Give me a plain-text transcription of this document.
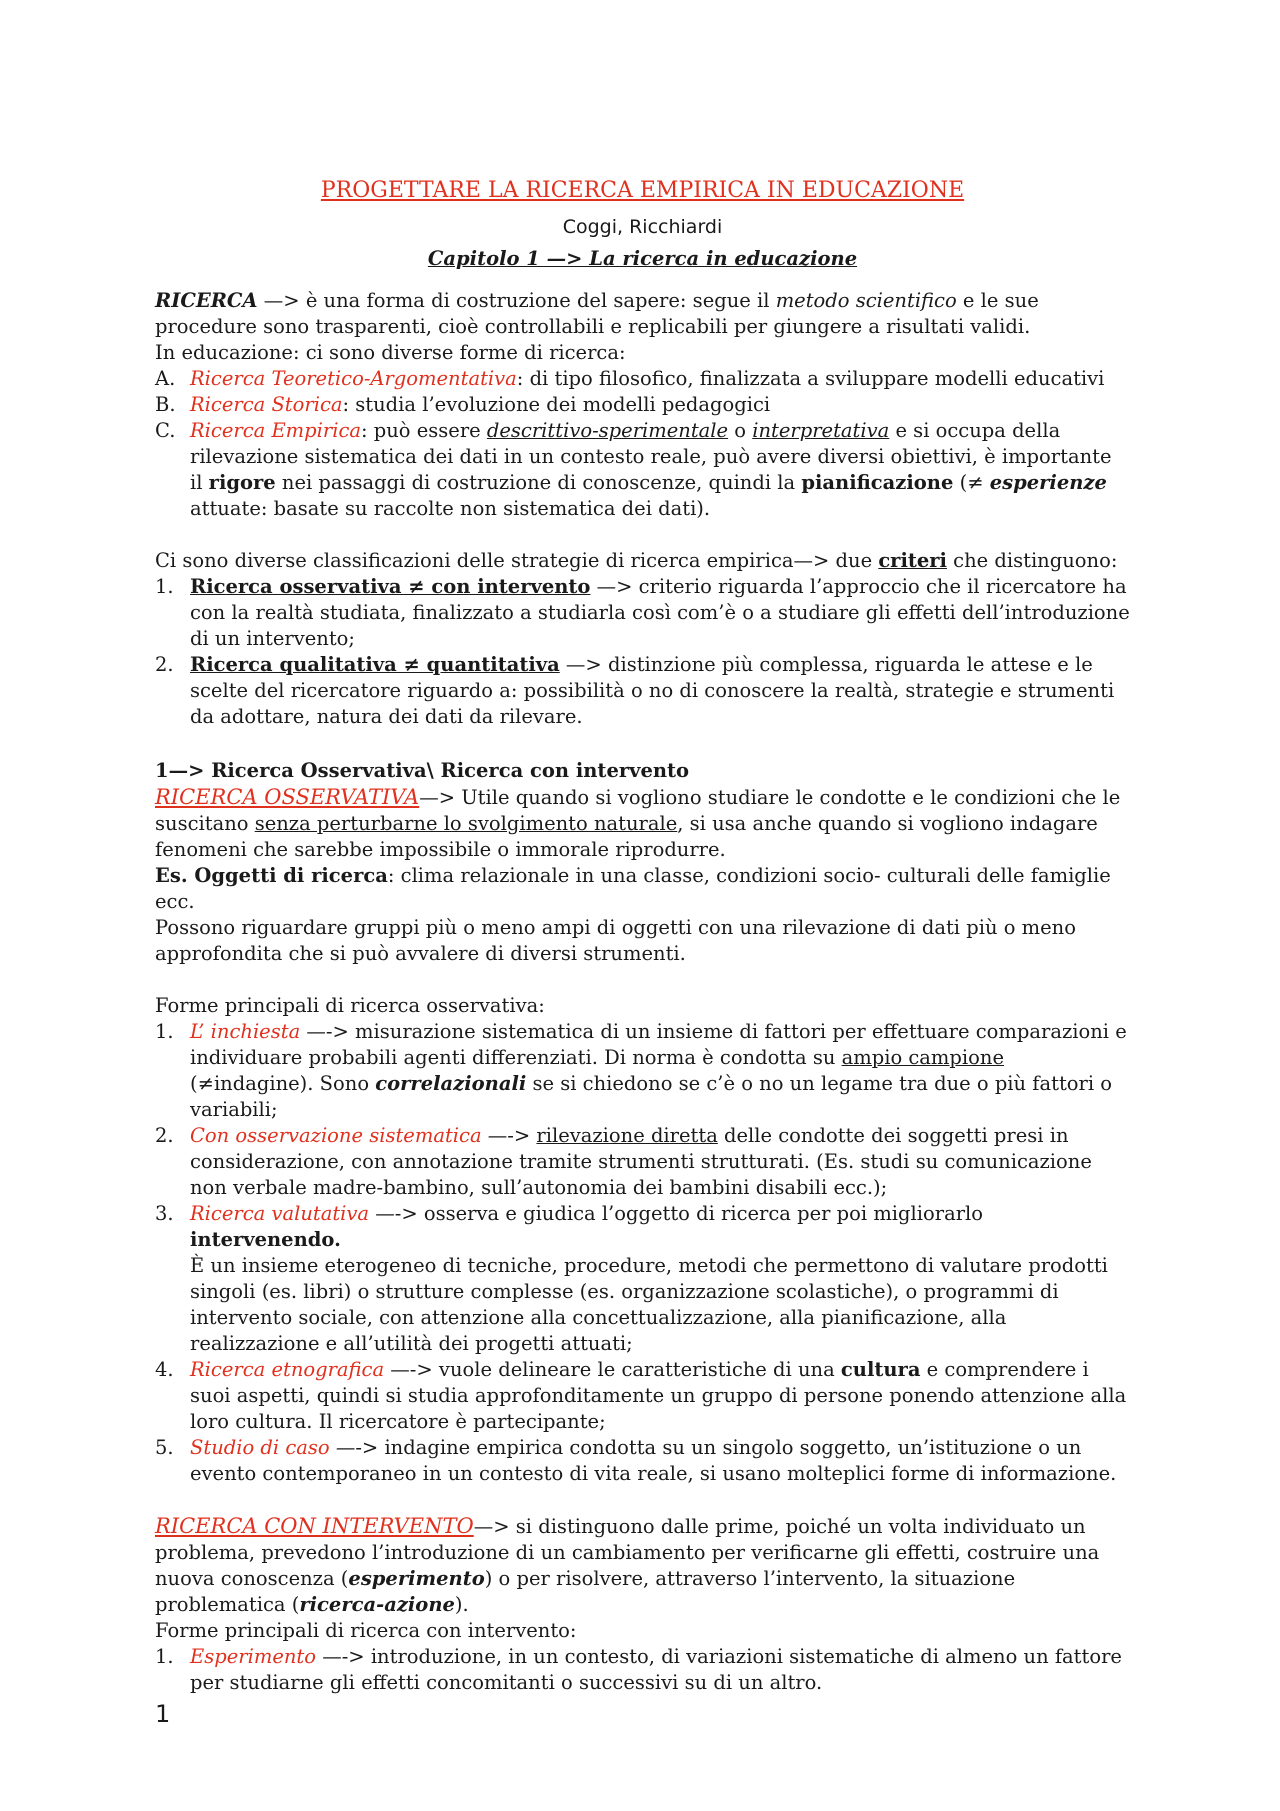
PROGETTARE LA RICERCA EMPIRICA IN EDUCAZIONE

Coggi, Ricchiardi

Capitolo 1 —> La ricerca in educazione

RICERCA —> è una forma di costruzione del sapere: segue il metodo scientifico e le sue procedure sono trasparenti, cioè controllabili e replicabili per giungere a risultati validi.

In educazione: ci sono diverse forme di ricerca:

A. Ricerca Teoretico-Argomentativa: di tipo filosofico, finalizzata a sviluppare modelli educativi
B. Ricerca Storica: studia l’evoluzione dei modelli pedagogici
C. Ricerca Empirica: può essere descrittivo-sperimentale o interpretativa e si occupa della rilevazione sistematica dei dati in un contesto reale, può avere diversi obiettivi, è importante il rigore nei passaggi di costruzione di conoscenze, quindi la pianificazione (≠ esperienze attuate: basate su raccolte non sistematica dei dati).

Ci sono diverse classificazioni delle strategie di ricerca empirica—> due criteri che distinguono:

1. Ricerca osservativa ≠ con intervento —> criterio riguarda l’approccio che il ricercatore ha con la realtà studiata, finalizzato a studiarla così com’è o a studiare gli effetti dell’introduzione di un intervento;
2. Ricerca qualitativa ≠ quantitativa —> distinzione più complessa, riguarda le attese e le scelte del ricercatore riguardo a: possibilità o no di conoscere la realtà, strategie e strumenti da adottare, natura dei dati da rilevare.

1—> Ricerca Osservativa\ Ricerca con intervento

RICERCA OSSERVATIVA—> Utile quando si vogliono studiare le condotte e le condizioni che le suscitano senza perturbarne lo svolgimento naturale, si usa anche quando si vogliono indagare fenomeni che sarebbe impossibile o immorale riprodurre.

Es. Oggetti di ricerca: clima relazionale in una classe, condizioni socio- culturali delle famiglie ecc.

Possono riguardare gruppi più o meno ampi di oggetti con una rilevazione di dati più o meno approfondita che si può avvalere di diversi strumenti.

Forme principali di ricerca osservativa:

1. L’ inchiesta —-> misurazione sistematica di un insieme di fattori per effettuare comparazioni e individuare probabili agenti differenziati. Di norma è condotta su ampio campione (≠indagine). Sono correlazionali se si chiedono se c’è o no un legame tra due o più fattori o variabili;
2. Con osservazione sistematica —-> rilevazione diretta delle condotte dei soggetti presi in considerazione, con annotazione tramite strumenti strutturati. (Es. studi su comunicazione non verbale madre-bambino, sull’autonomia dei bambini disabili ecc.);
3. Ricerca valutativa —-> osserva e giudica l’oggetto di ricerca per poi migliorarlo intervenendo.
È un insieme eterogeneo di tecniche, procedure, metodi che permettono di valutare prodotti singoli (es. libri) o strutture complesse (es. organizzazione scolastiche), o programmi di intervento sociale, con attenzione alla concettualizzazione, alla pianificazione, alla realizzazione e all’utilità dei progetti attuati;
4. Ricerca etnografica —-> vuole delineare le caratteristiche di una cultura e comprendere i suoi aspetti, quindi si studia approfonditamente un gruppo di persone ponendo attenzione alla loro cultura. Il ricercatore è partecipante;
5. Studio di caso —-> indagine empirica condotta su un singolo soggetto, un’istituzione o un evento contemporaneo in un contesto di vita reale, si usano molteplici forme di informazione.

RICERCA CON INTERVENTO—> si distinguono dalle prime, poiché un volta individuato un problema, prevedono l’introduzione di un cambiamento per verificarne gli effetti, costruire una nuova conoscenza (esperimento) o per risolvere, attraverso l’intervento, la situazione problematica (ricerca-azione).

Forme principali di ricerca con intervento:

1. Esperimento —-> introduzione, in un contesto, di variazioni sistematiche di almeno un fattore per studiarne gli effetti concomitanti o successivi su di un altro.
1
